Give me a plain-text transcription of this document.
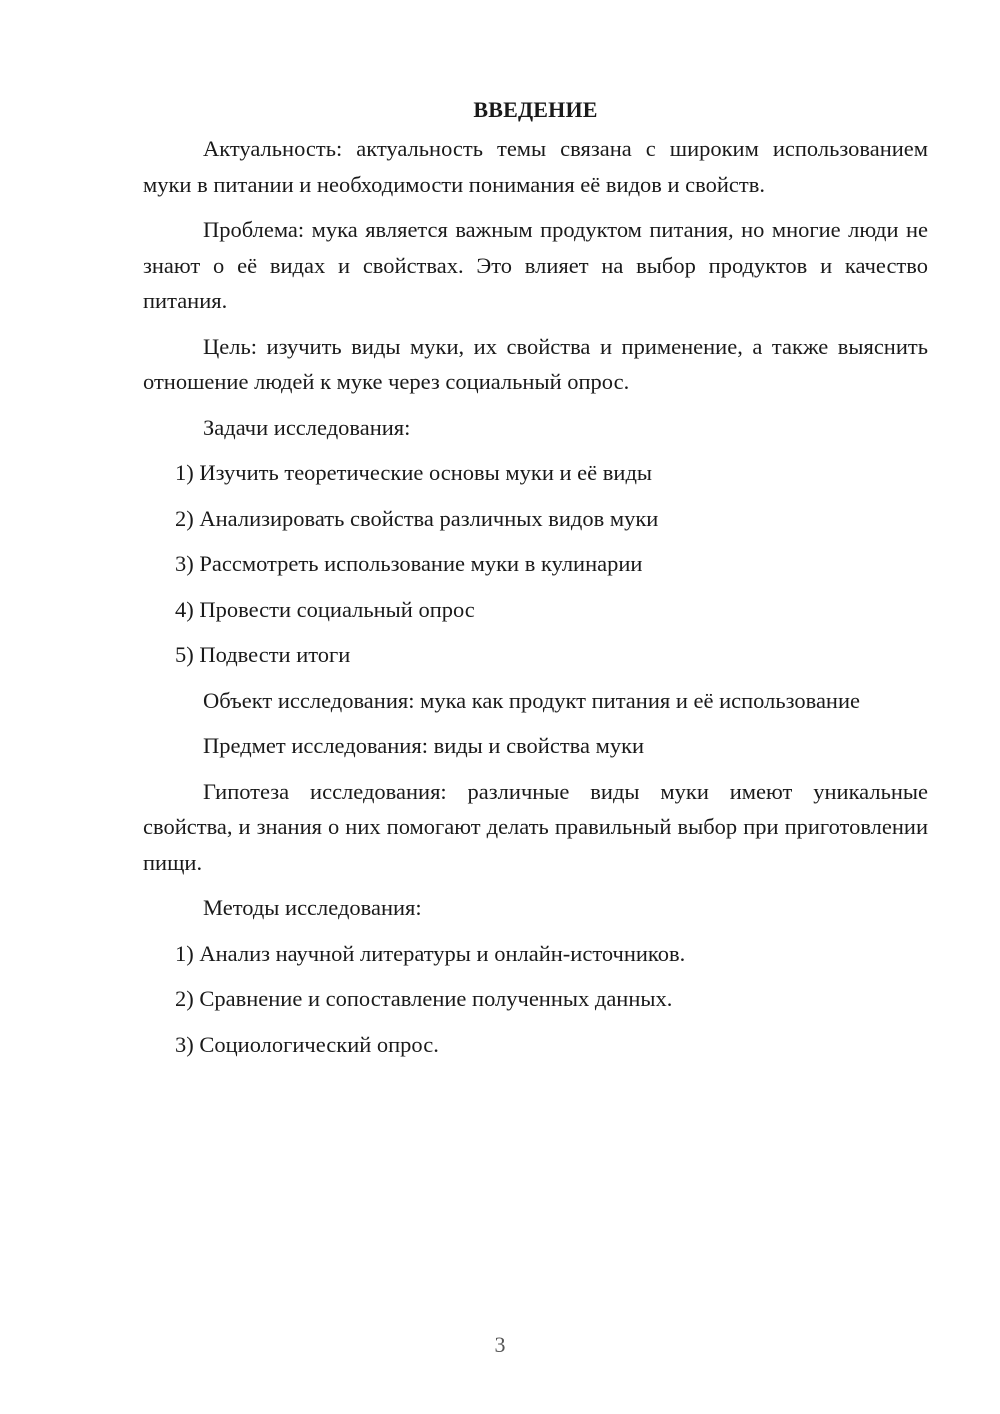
ВВЕДЕНИЕ

Актуальность: актуальность темы связана с широким использованием муки в питании и необходимости понимания её видов и свойств.

Проблема: мука является важным продуктом питания, но многие люди не знают о её видах и свойствах. Это влияет на выбор продуктов и качество питания.

Цель: изучить виды муки, их свойства и применение, а также выяснить отношение людей к муке через социальный опрос.

Задачи исследования:

1) Изучить теоретические основы муки и её виды

2) Анализировать свойства различных видов муки

3) Рассмотреть использование муки в кулинарии

4) Провести социальный опрос

5) Подвести итоги

Объект исследования: мука как продукт питания и её использование

Предмет исследования: виды и свойства муки

Гипотеза исследования: различные виды муки имеют уникальные свойства, и знания о них помогают делать правильный выбор при приготовлении пищи.

Методы исследования:

1) Анализ научной литературы и онлайн-источников.

2) Сравнение и сопоставление полученных данных.

3) Социологический опрос.

3
